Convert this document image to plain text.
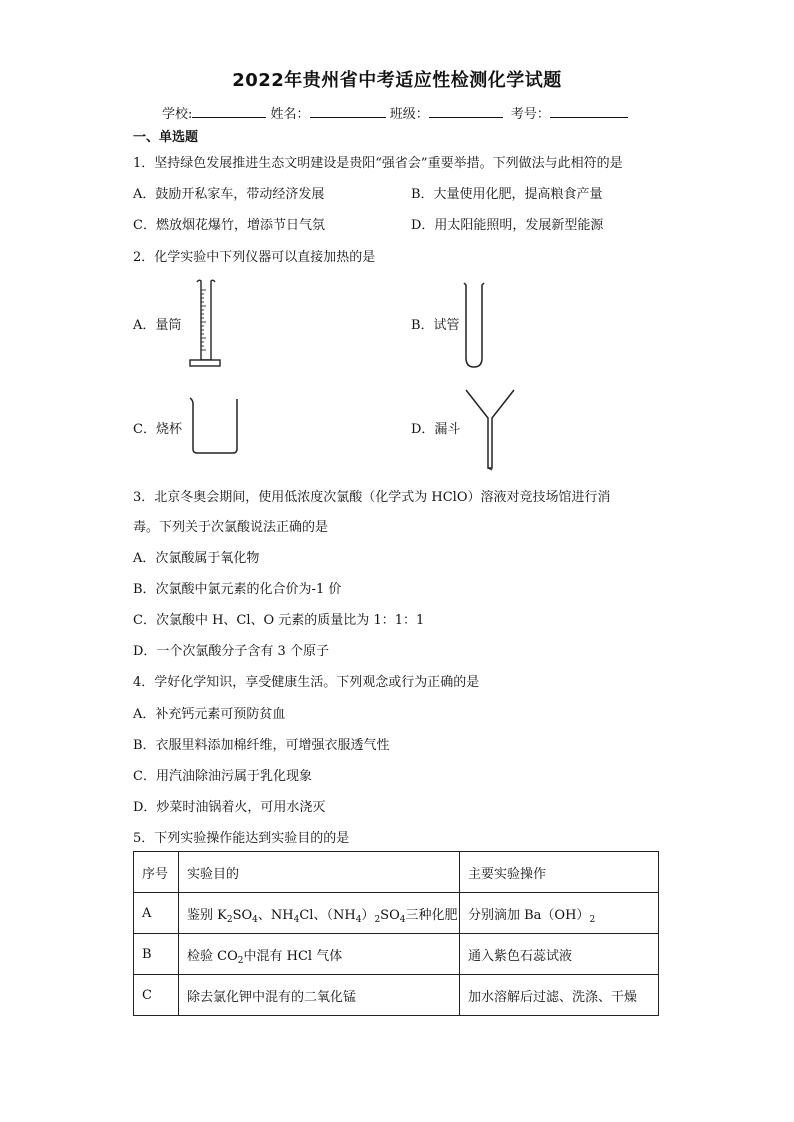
2022年贵州省中考适应性检测化学试题
学校:	姓名：	班级：	考号：
一、单选题
1．坚持绿色发展推进生态文明建设是贵阳“强省会”重要举措。下列做法与此相符的是
A．鼓励开私家车，带动经济发展	B．大量使用化肥，提高粮食产量
C．燃放烟花爆竹，增添节日气氛	D．用太阳能照明，发展新型能源
2．化学实验中下列仪器可以直接加热的是
A．量筒	B．试管
C．烧杯	D．漏斗
3．北京冬奥会期间，使用低浓度次氯酸（化学式为 HClO）溶液对竞技场馆进行消
毒。下列关于次氯酸说法正确的是
A．次氯酸属于氧化物
B．次氯酸中氯元素的化合价为-1 价
C．次氯酸中 H、Cl、O 元素的质量比为 1：1：1
D．一个次氯酸分子含有 3 个原子
4．学好化学知识，享受健康生活。下列观念或行为正确的是
A．补充钙元素可预防贫血
B．衣服里料添加棉纤维，可增强衣服透气性
C．用汽油除油污属于乳化现象
D．炒菜时油锅着火，可用水浇灭
5．下列实验操作能达到实验目的的是
序号	实验目的	主要实验操作
A	鉴别 $K_2SO_4$、$NH_4Cl$、$(NH_4)_2SO_4$三种化肥	分别滴加 $Ba(OH)_2$
B	检验 $CO_2$中混有 HCl 气体	通入紫色石蕊试液
C	除去氯化钾中混有的二氧化锰	加水溶解后过滤、洗涤、干燥
